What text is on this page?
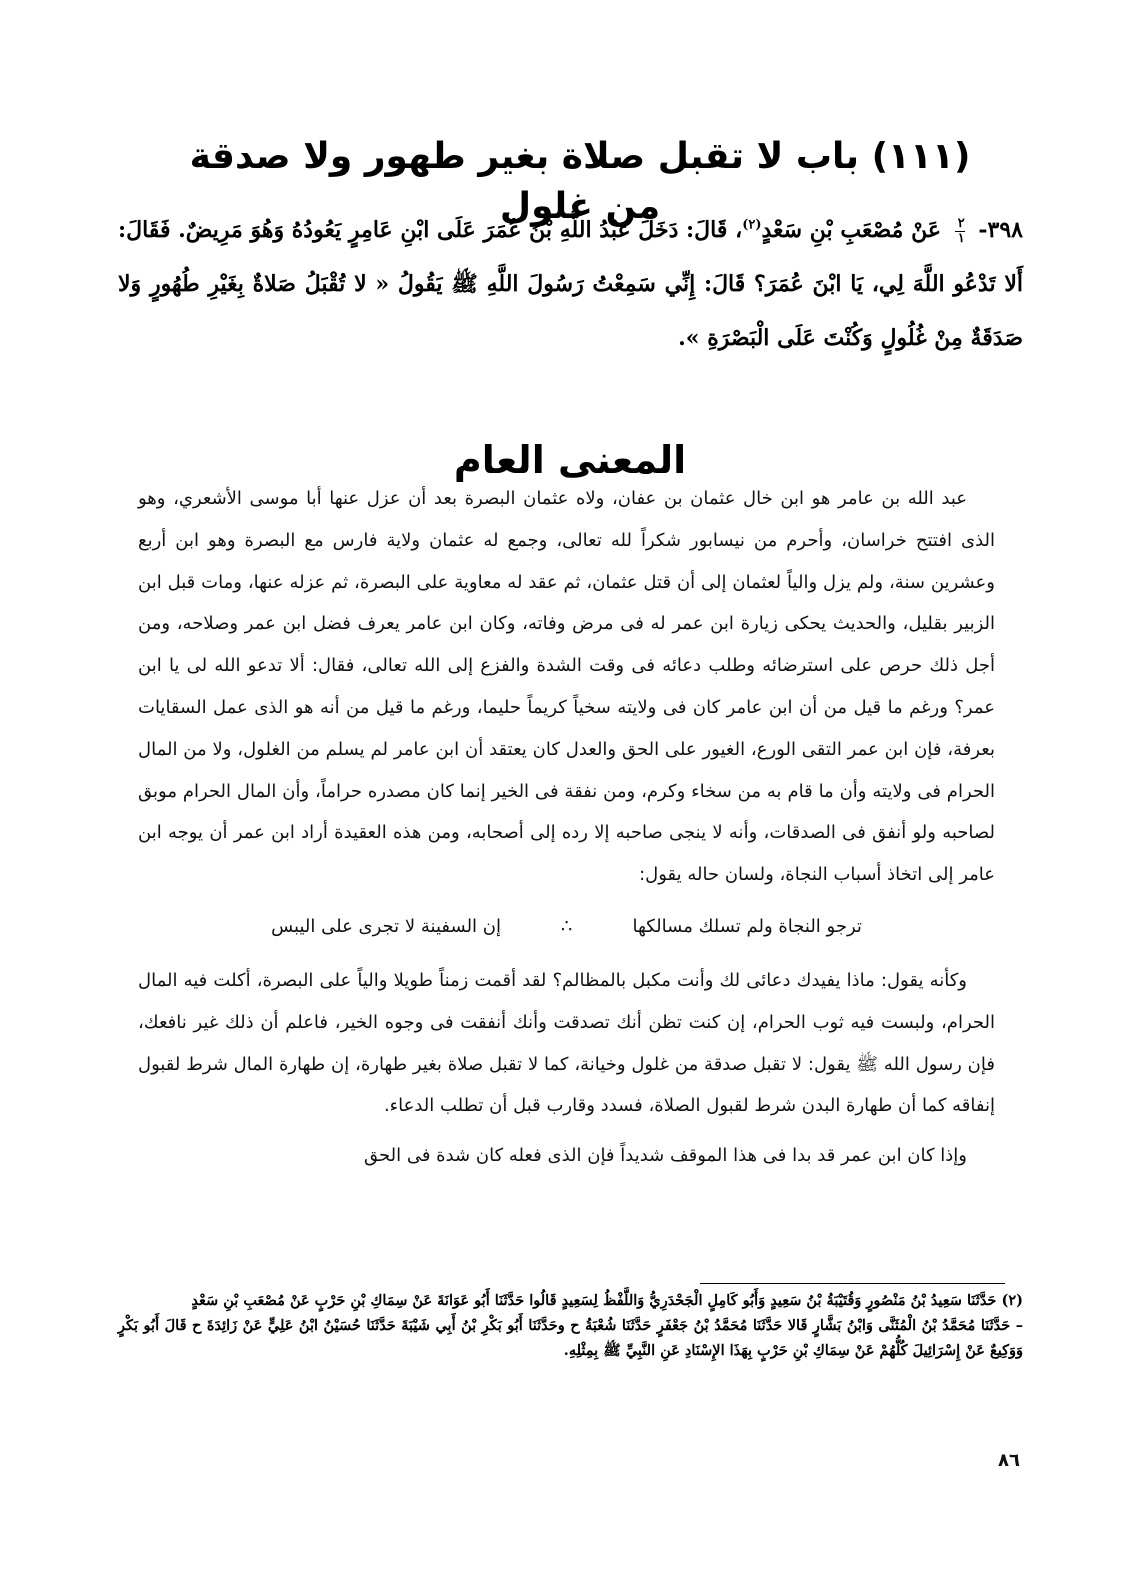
(١١١) باب لا تقبل صلاة بغير طهور ولا صدقة من غلول
٣٩٨-
$\frac{٢}{١}$
عَنْ مُصْعَبِ بْنِ سَعْدٍ$^{(٢)}$، قَالَ: دَخَلَ عَبْدُ اللَّهِ بْنُ عُمَرَ عَلَى ابْنِ عَامِرٍ يَعُودُهُ وَهُوَ مَرِيضٌ. فَقَالَ: أَلا تَدْعُو اللَّهَ لِي، يَا ابْنَ عُمَرَ؟ قَالَ: إِنِّي سَمِعْتُ رَسُولَ اللَّهِ ﷺ يَقُولُ « لا تُقْبَلُ صَلاةٌ بِغَيْرِ طُهُورٍ وَلا صَدَقَةٌ مِنْ غُلُولٍ وَكُنْتَ عَلَى الْبَصْرَةِ ».
المعنى العام

عبد الله بن عامر هو ابن خال عثمان بن عفان، ولاه عثمان البصرة بعد أن عزل عنها أبا موسى الأشعري، وهو الذى افتتح خراسان، وأحرم من نيسابور شكراً لله تعالى، وجمع له عثمان ولاية فارس مع البصرة وهو ابن أربع وعشرين سنة، ولم يزل والياً لعثمان إلى أن قتل عثمان، ثم عقد له معاوية على البصرة، ثم عزله عنها، ومات قبل ابن الزبير بقليل، والحديث يحكى زيارة ابن عمر له فى مرض وفاته، وكان ابن عامر يعرف فضل ابن عمر وصلاحه، ومن أجل ذلك حرص على استرضائه وطلب دعائه فى وقت الشدة والفزع إلى الله تعالى، فقال: ألا تدعو الله لى يا ابن عمر؟ ورغم ما قيل من أن ابن عامر كان فى ولايته سخياً كريماً حليما، ورغم ما قيل من أنه هو الذى عمل السقايات بعرفة، فإن ابن عمر التقى الورع، الغيور على الحق والعدل كان يعتقد أن ابن عامر لم يسلم من الغلول، ولا من المال الحرام فى ولايته وأن ما قام به من سخاء وكرم، ومن نفقة فى الخير إنما كان مصدره حراماً، وأن المال الحرام موبق لصاحبه ولو أنفق فى الصدقات، وأنه لا ينجى صاحبه إلا رده إلى أصحابه، ومن هذه العقيدة أراد ابن عمر أن يوجه ابن عامر إلى اتخاذ أسباب النجاة، ولسان حاله يقول:

ترجو النجاة ولم تسلك مسالكها
∴
إن السفينة لا تجرى على اليبس

وكأنه يقول: ماذا يفيدك دعائى لك وأنت مكبل بالمظالم؟ لقد أقمت زمناً طويلا والياً على البصرة، أكلت فيه المال الحرام، ولبست فيه ثوب الحرام، إن كنت تظن أنك تصدقت وأنك أنفقت فى وجوه الخير، فاعلم أن ذلك غير نافعك، فإن رسول الله ﷺ يقول: لا تقبل صدقة من غلول وخيانة، كما لا تقبل صلاة بغير طهارة، إن طهارة المال شرط لقبول إنفاقه كما أن طهارة البدن شرط لقبول الصلاة، فسدد وقارب قبل أن تطلب الدعاء.

وإذا كان ابن عمر قد بدا فى هذا الموقف شديداً فإن الذى فعله كان شدة فى الحق

(٢) حَدَّثَنَا سَعِيدُ بْنُ مَنْصُورٍ وَقُتَيْبَةُ بْنُ سَعِيدٍ وَأَبُو كَامِلٍ الْجَحْدَرِيُّ وَاللَّفْظُ لِسَعِيدٍ قَالُوا حَدَّثَنَا أَبُو عَوَانَةَ عَنْ سِمَاكِ بْنِ حَرْبٍ عَنْ مُصْعَبِ بْنِ سَعْدٍ

– حَدَّثَنَا مُحَمَّدُ بْنُ الْمُثَنَّى وَابْنُ بَشَّارٍ قَالا حَدَّثَنَا مُحَمَّدُ بْنُ جَعْفَرٍ حَدَّثَنَا شُعْبَةُ ح وحَدَّثَنَا أَبُو بَكْرِ بْنُ أَبِي شَيْبَةَ حَدَّثَنَا حُسَيْنُ ابْنُ عَلِيٍّ عَنْ زَائِدَةَ ح قَالَ أَبُو بَكْرٍ وَوَكِيعٌ عَنْ إِسْرَائِيلَ كُلُّهُمْ عَنْ سِمَاكِ بْنِ حَرْبٍ بِهَذَا الإِسْنَادِ عَنِ النَّبِيِّ ﷺ بِمِثْلِهِ.

٨٦
